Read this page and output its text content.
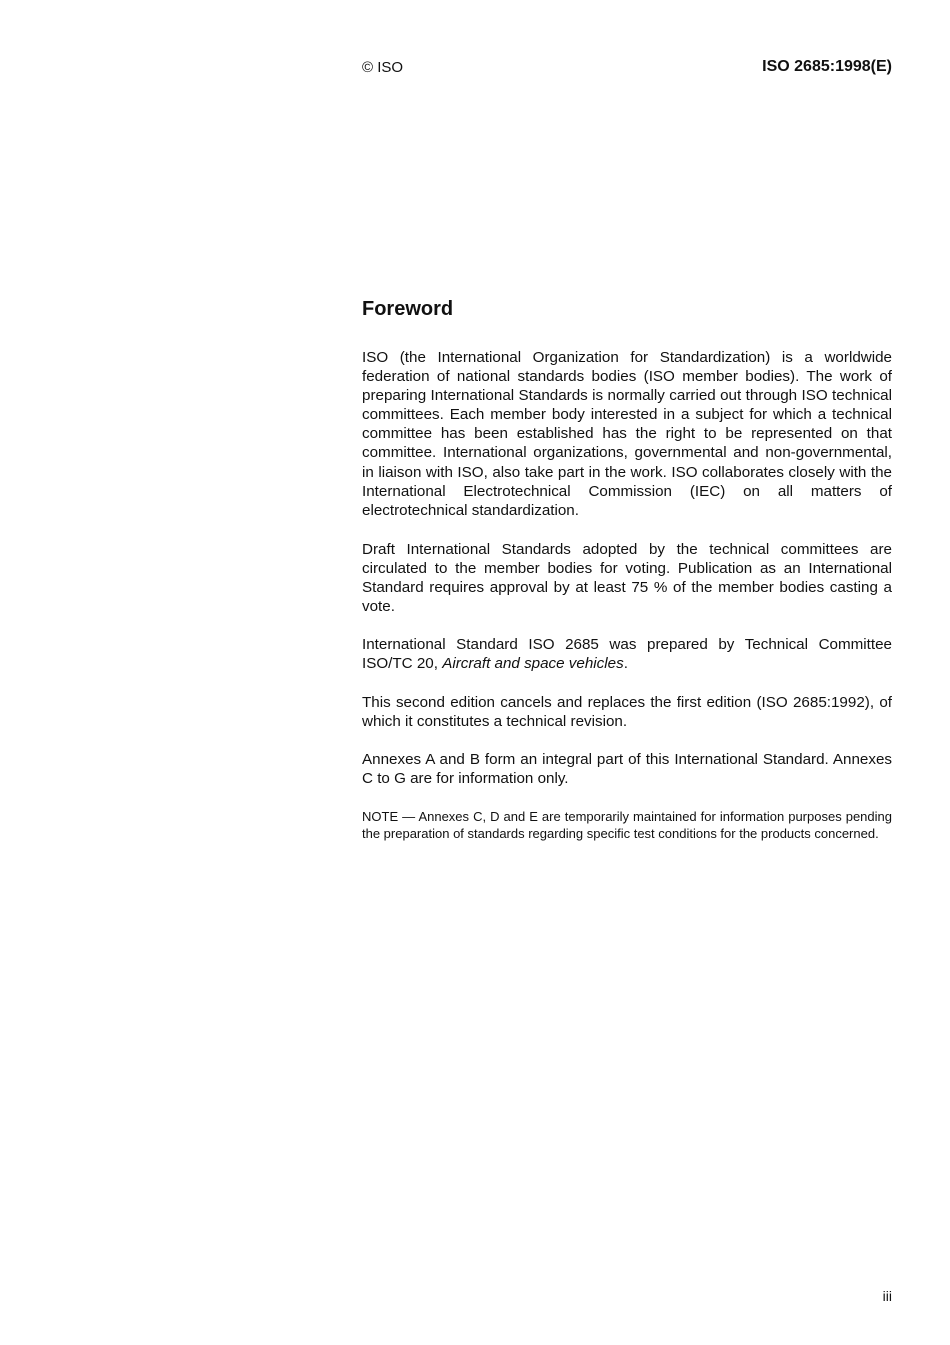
© ISO	ISO 2685:1998(E)
Foreword

ISO (the International Organization for Standardization) is a worldwide federation of national standards bodies (ISO member bodies). The work of preparing International Standards is normally carried out through ISO technical committees. Each member body interested in a subject for which a technical committee has been established has the right to be represented on that committee. International organizations, governmental and non-governmental, in liaison with ISO, also take part in the work. ISO collaborates closely with the International Electrotechnical Commission (IEC) on all matters of electrotechnical standardization.

Draft International Standards adopted by the technical committees are circulated to the member bodies for voting. Publication as an International Standard requires approval by at least 75 % of the member bodies casting a vote.

International Standard ISO 2685 was prepared by Technical Committee ISO/TC 20, Aircraft and space vehicles.

This second edition cancels and replaces the first edition (ISO 2685:1992), of which it constitutes a technical revision.

Annexes A and B form an integral part of this International Standard. Annexes C to G are for information only.

NOTE — Annexes C, D and E are temporarily maintained for information purposes pending the preparation of standards regarding specific test conditions for the products concerned.

iii
